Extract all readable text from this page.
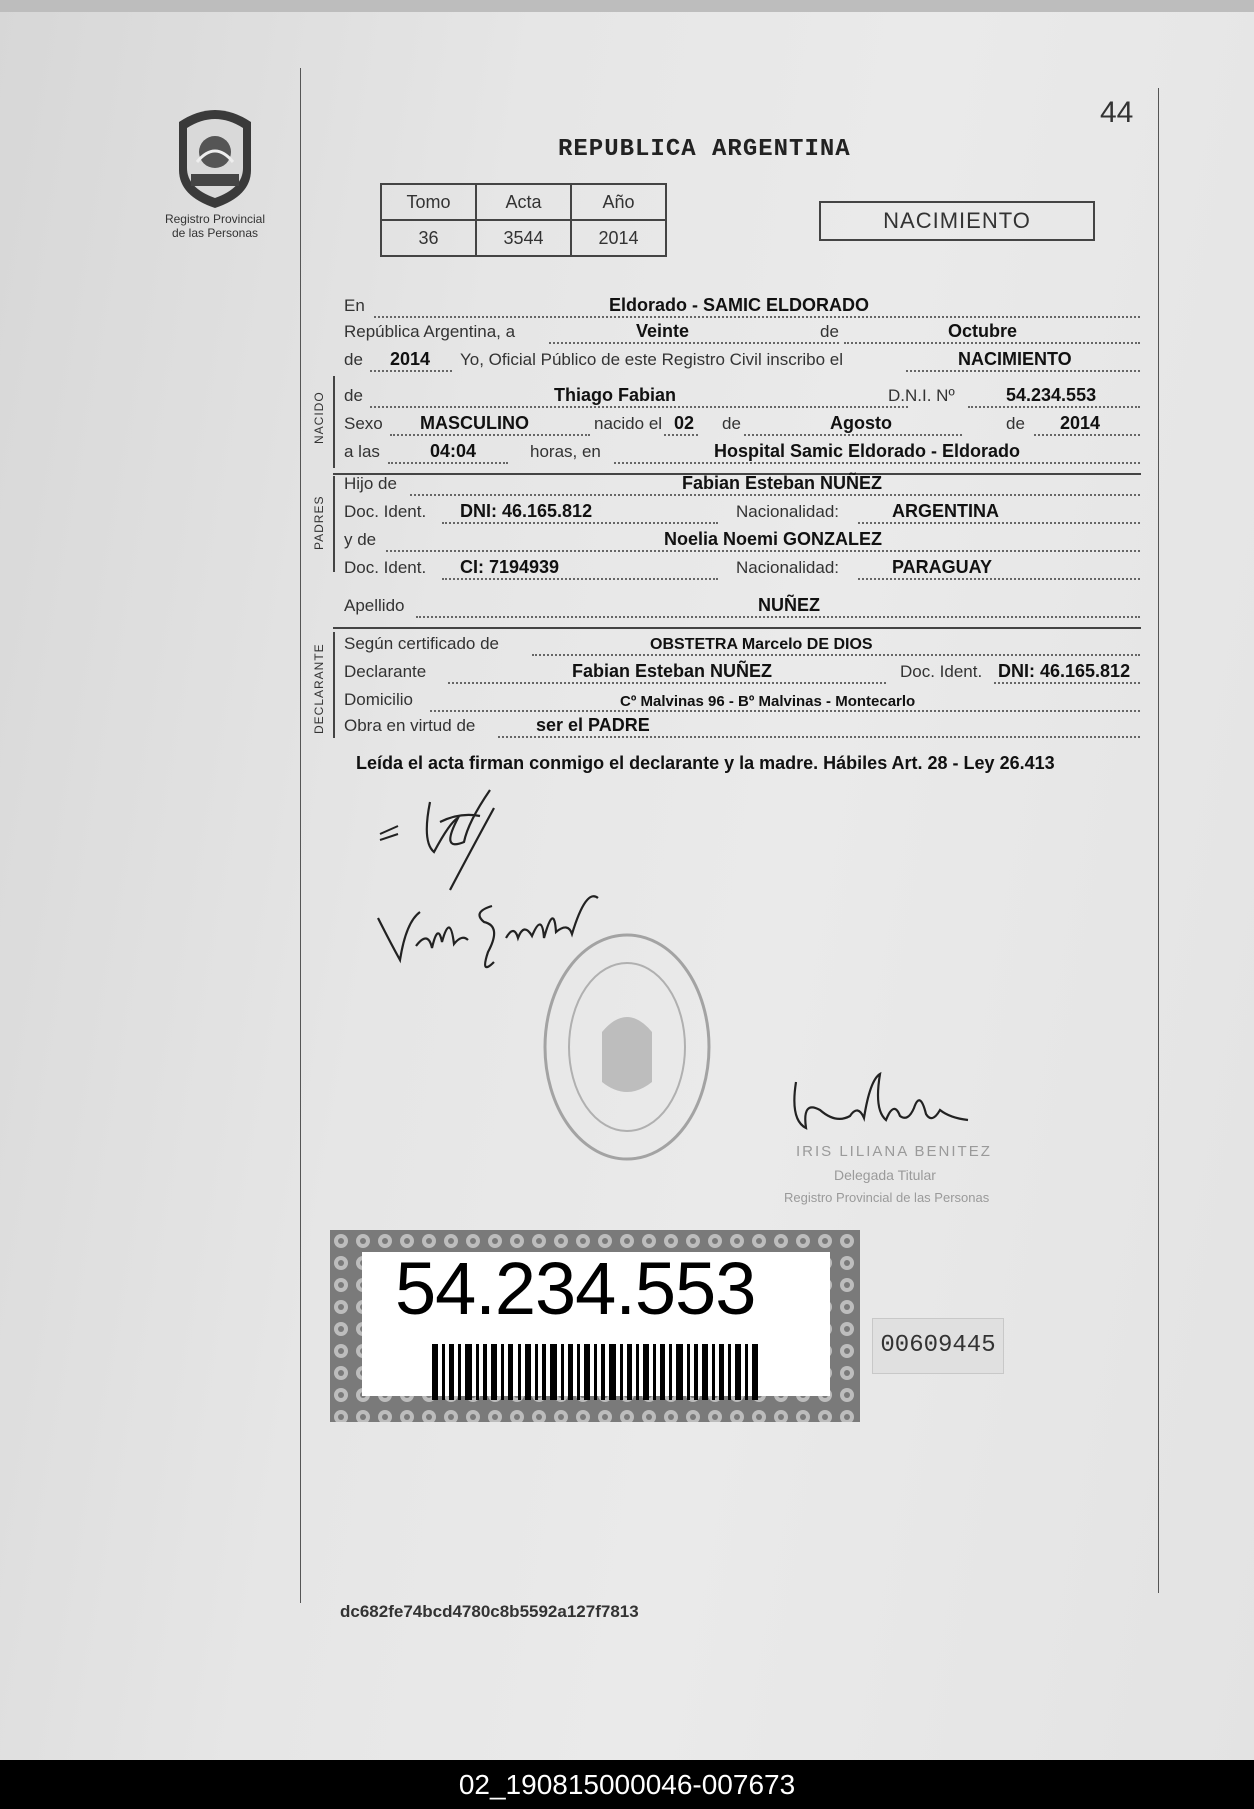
Registro Provincial
de las Personas
44
REPUBLICA ARGENTINA
Tomo	Acta	Año
36	3544	2014
NACIMIENTO
NACIDO
PADRES
DECLARANTE
En	Eldorado - SAMIC ELDORADO
República Argentina, a	Veinte	de	Octubre
de 2014 Yo, Oficial Público de este Registro Civil inscribo el	NACIMIENTO
de	Thiago Fabian	D.N.I. Nº	54.234.553
Sexo MASCULINO	nacido el 02 de	Agosto	de 2014
a las	04:04	horas, en	Hospital Samic Eldorado - Eldorado
Hijo de	Fabian Esteban NUÑEZ
Doc. Ident. DNI: 46.165.812	Nacionalidad:	ARGENTINA
y de	Noelia Noemi GONZALEZ
Doc. Ident. CI: 7194939	Nacionalidad:	PARAGUAY
Apellido	NUÑEZ
Según certificado de	OBSTETRA Marcelo DE DIOS
Declarante	Fabian Esteban NUÑEZ	Doc. Ident. DNI: 46.165.812
Domicilio	Cº Malvinas 96 - Bº Malvinas - Montecarlo
Obra en virtud de	ser el PADRE
Leída el acta firman conmigo el declarante y la madre. Hábiles Art. 28 - Ley 26.413
IRIS LILIANA BENITEZ
Delegada Titular
Registro Provincial de las Personas
54.234.553
00609445
dc682fe74bcd4780c8b5592a127f7813
02_190815000046-007673
